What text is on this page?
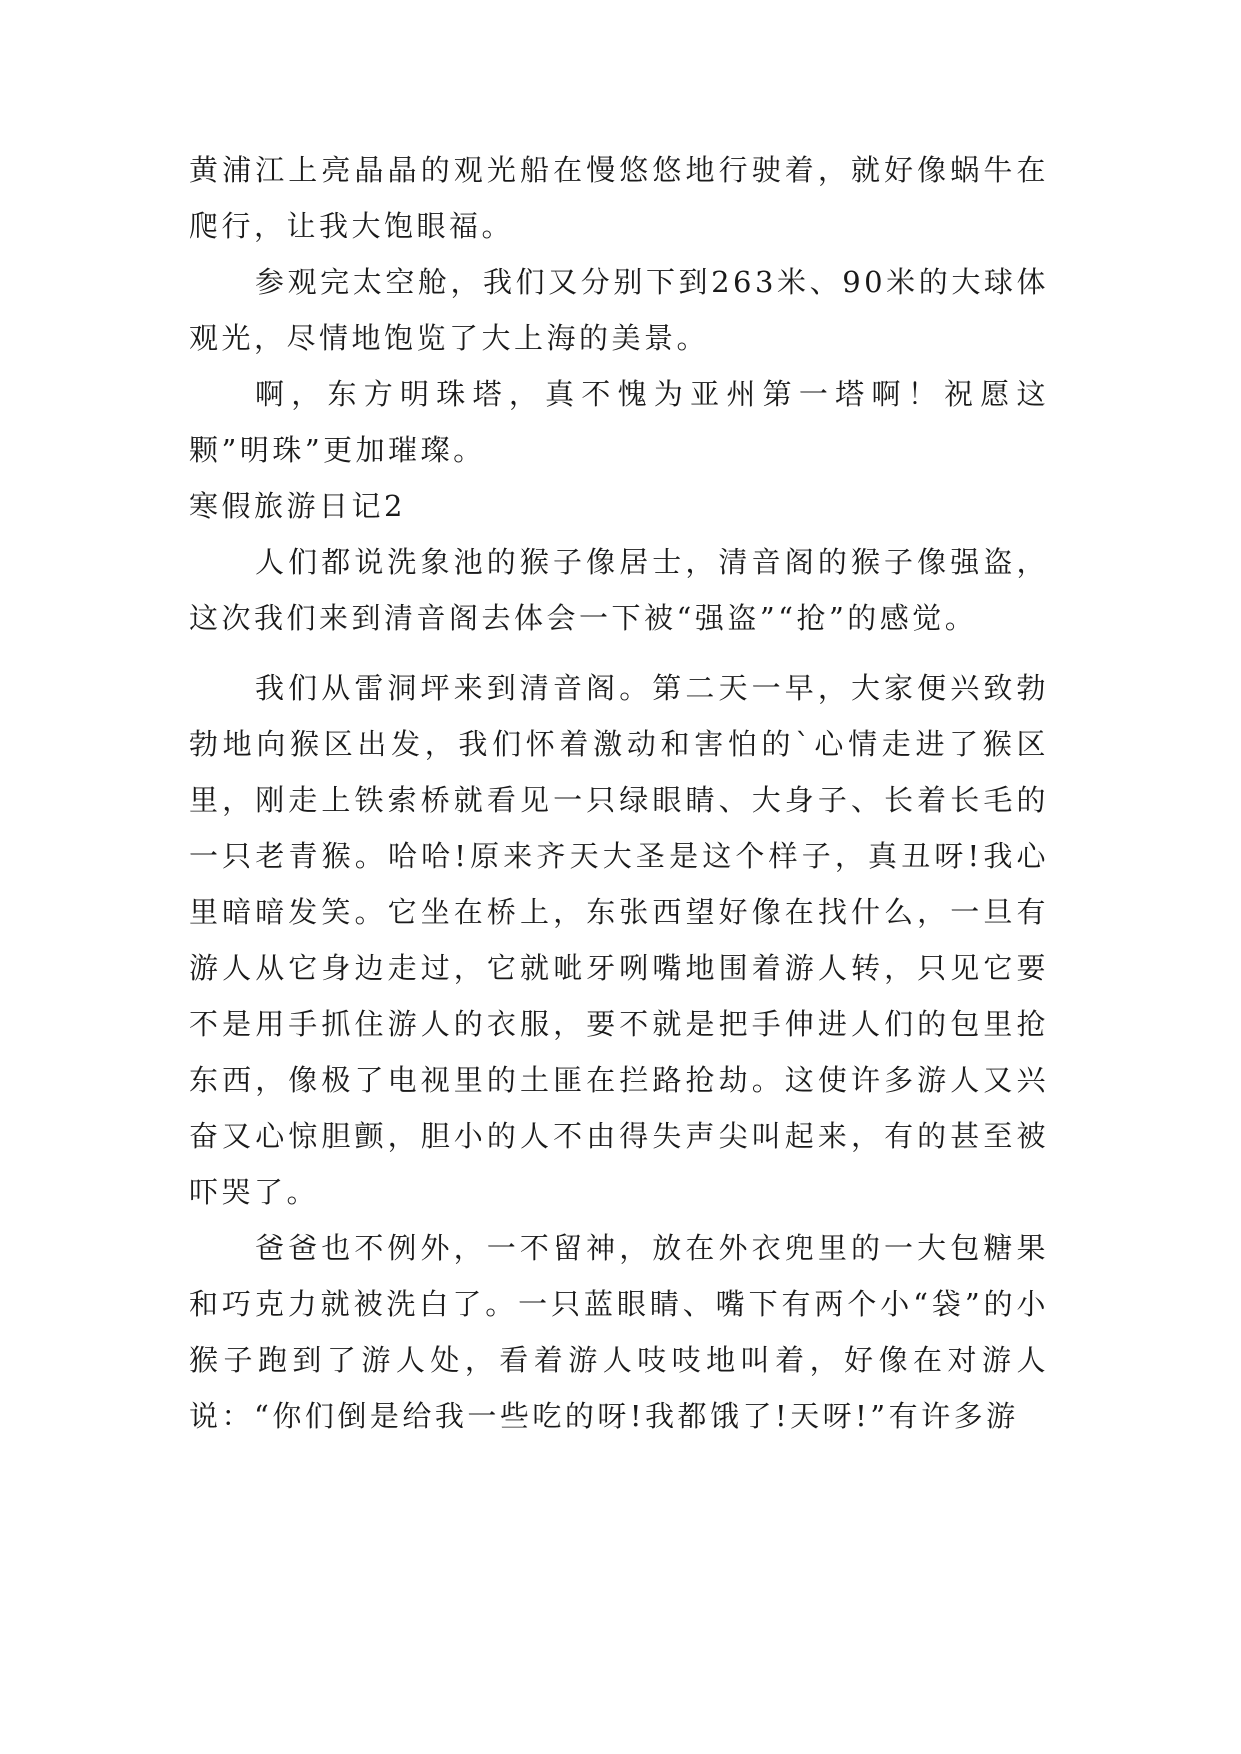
黄浦江上亮晶晶的观光船在慢悠悠地行驶着，就好像蜗牛在爬行，让我大饱眼福。

参观完太空舱，我们又分别下到263米、90米的大球体观光，尽情地饱览了大上海的美景。

啊，东方明珠塔，真不愧为亚州第一塔啊！祝愿这颗”明珠”更加璀璨。

寒假旅游日记2

人们都说洗象池的猴子像居士，清音阁的猴子像强盗，这次我们来到清音阁去体会一下被“强盗”“抢”的感觉。

我们从雷洞坪来到清音阁。第二天一早，大家便兴致勃勃地向猴区出发，我们怀着激动和害怕的`心情走进了猴区里，刚走上铁索桥就看见一只绿眼睛、大身子、长着长毛的一只老青猴。哈哈!原来齐天大圣是这个样子，真丑呀!我心里暗暗发笑。它坐在桥上，东张西望好像在找什么，一旦有游人从它身边走过，它就呲牙咧嘴地围着游人转，只见它要不是用手抓住游人的衣服，要不就是把手伸进人们的包里抢东西，像极了电视里的土匪在拦路抢劫。这使许多游人又兴奋又心惊胆颤，胆小的人不由得失声尖叫起来，有的甚至被吓哭了。

爸爸也不例外，一不留神，放在外衣兜里的一大包糖果和巧克力就被洗白了。一只蓝眼睛、嘴下有两个小“袋”的小猴子跑到了游人处，看着游人吱吱地叫着，好像在对游人说：“你们倒是给我一些吃的呀!我都饿了!天呀!”有许多游
